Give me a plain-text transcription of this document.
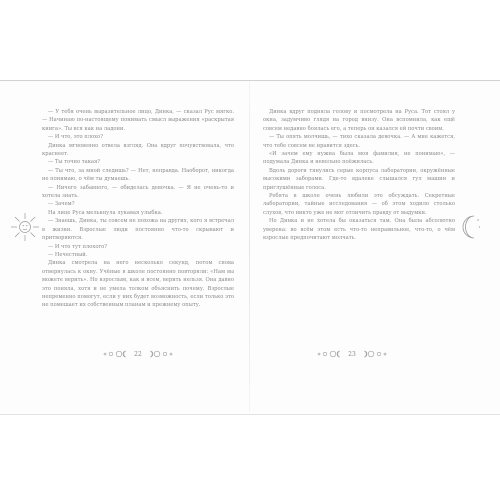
— У тебя очень выразительное лицо, Динка, — сказал Рус мягко. — Начинаю по-настоящему понимать смысл выражения «раскрытая книга». Ты вся как на ладони.

— И что, это плохо?

Динка мгновенно отвела взгляд. Она вдруг почувствовала, что краснеет.

— Ты точно такая?

— Ты что, за мной следишь? — Нет, неправда. Наоборот, никогда не понимаю, о чём ты думаешь.

— Ничего забавного, — обиделась девочка. — Я не очень-то и хотела знать.

— Зачем?

На лице Руса мелькнула лукавая улыбка.

— Знаешь, Динка, ты совсем не похожа на других, кого я встречал в жизни. Взрослые люди постоянно что-то скрывают и притворяются.

— И что тут плохого?

— Нечестный.

Динка смотрела на него несколько секунд, потом снова отвернулась к окну. Учёные в школе постоянно повторяли: «Нам вы можете верить». Но взрослым, как и всем, верить нельзя. Она давно это поняла, хотя и не умела толком объяснить почему. Взрослые непременно помогут, если у них будет возможность, если только это не помешает их собственным планам и прежнему опыту.

Динка вдруг подняла голову и посмотрела на Руса. Тот стоял у окна, задумчиво глядя на город внизу. Она вспомнила, как ещё совсем недавно боялась его, а теперь он казался ей почти своим.

— Ты опять молчишь, — тихо сказала девочка. — А мне кажется, что тебе совсем не нравится здесь.

«И зачем ему нужна была моя фамилия, не понимаю», — подумала Динка и невольно поёжилась.

Вдоль дороги тянулись серые корпуса лаборатории, окружённые высокими заборами. Где-то вдалеке слышался гул машин и приглушённые голоса.

Ребята в школе очень любили это обсуждать. Секретные лаборатории, тайные исследования — об этом ходило столько слухов, что никто уже не мог отличить правду от выдумки.

Но Динка и не хотела бы оказаться там. Она была абсолютно уверена: во всём этом есть что-то неправильное, что-то, о чём взрослые предпочитают молчать.

22	23
